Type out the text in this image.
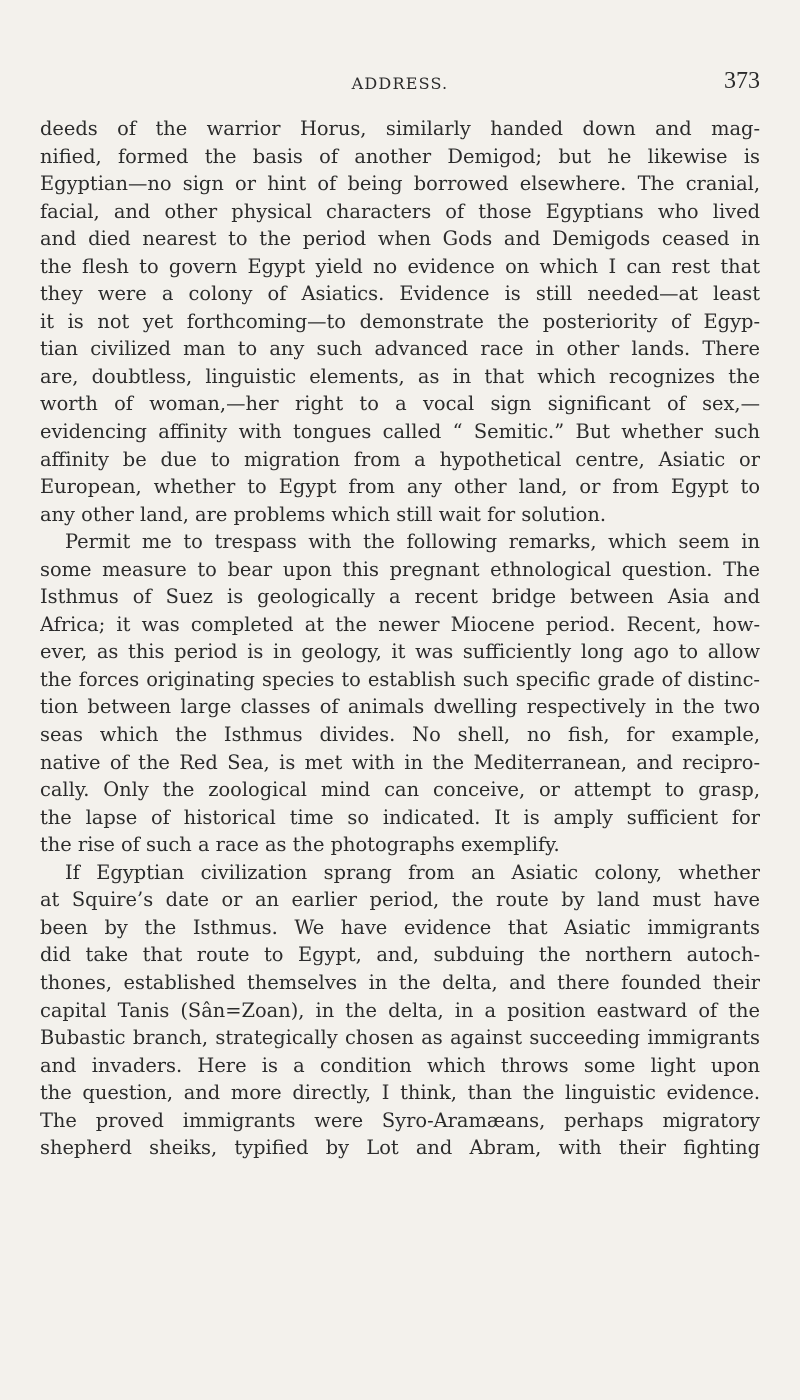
ADDRESS.	373
deeds of the warrior Horus, similarly handed down and mag-
nified, formed the basis of another Demigod; but he likewise is
Egyptian—no sign or hint of being borrowed elsewhere. The cranial,
facial, and other physical characters of those Egyptians who lived
and died nearest to the period when Gods and Demigods ceased in
the flesh to govern Egypt yield no evidence on which I can rest that
they were a colony of Asiatics. Evidence is still needed—at least
it is not yet forthcoming—to demonstrate the posteriority of Egyp-
tian civilized man to any such advanced race in other lands. There
are, doubtless, linguistic elements, as in that which recognizes the
worth of woman,—her right to a vocal sign significant of sex,—
evidencing affinity with tongues called “ Semitic.” But whether such
affinity be due to migration from a hypothetical centre, Asiatic or
European, whether to Egypt from any other land, or from Egypt to
any other land, are problems which still wait for solution.
Permit me to trespass with the following remarks, which seem in
some measure to bear upon this pregnant ethnological question. The
Isthmus of Suez is geologically a recent bridge between Asia and
Africa; it was completed at the newer Miocene period. Recent, how-
ever, as this period is in geology, it was sufficiently long ago to allow
the forces originating species to establish such specific grade of distinc-
tion between large classes of animals dwelling respectively in the two
seas which the Isthmus divides. No shell, no fish, for example,
native of the Red Sea, is met with in the Mediterranean, and recipro-
cally. Only the zoological mind can conceive, or attempt to grasp,
the lapse of historical time so indicated. It is amply sufficient for
the rise of such a race as the photographs exemplify.
If Egyptian civilization sprang from an Asiatic colony, whether
at Squire’s date or an earlier period, the route by land must have
been by the Isthmus. We have evidence that Asiatic immigrants
did take that route to Egypt, and, subduing the northern autoch-
thones, established themselves in the delta, and there founded their
capital Tanis (Sân=Zoan), in the delta, in a position eastward of the
Bubastic branch, strategically chosen as against succeeding immigrants
and invaders. Here is a condition which throws some light upon
the question, and more directly, I think, than the linguistic evidence.
The proved immigrants were Syro-Aramæans, perhaps migratory
shepherd sheiks, typified by Lot and Abram, with their fighting
